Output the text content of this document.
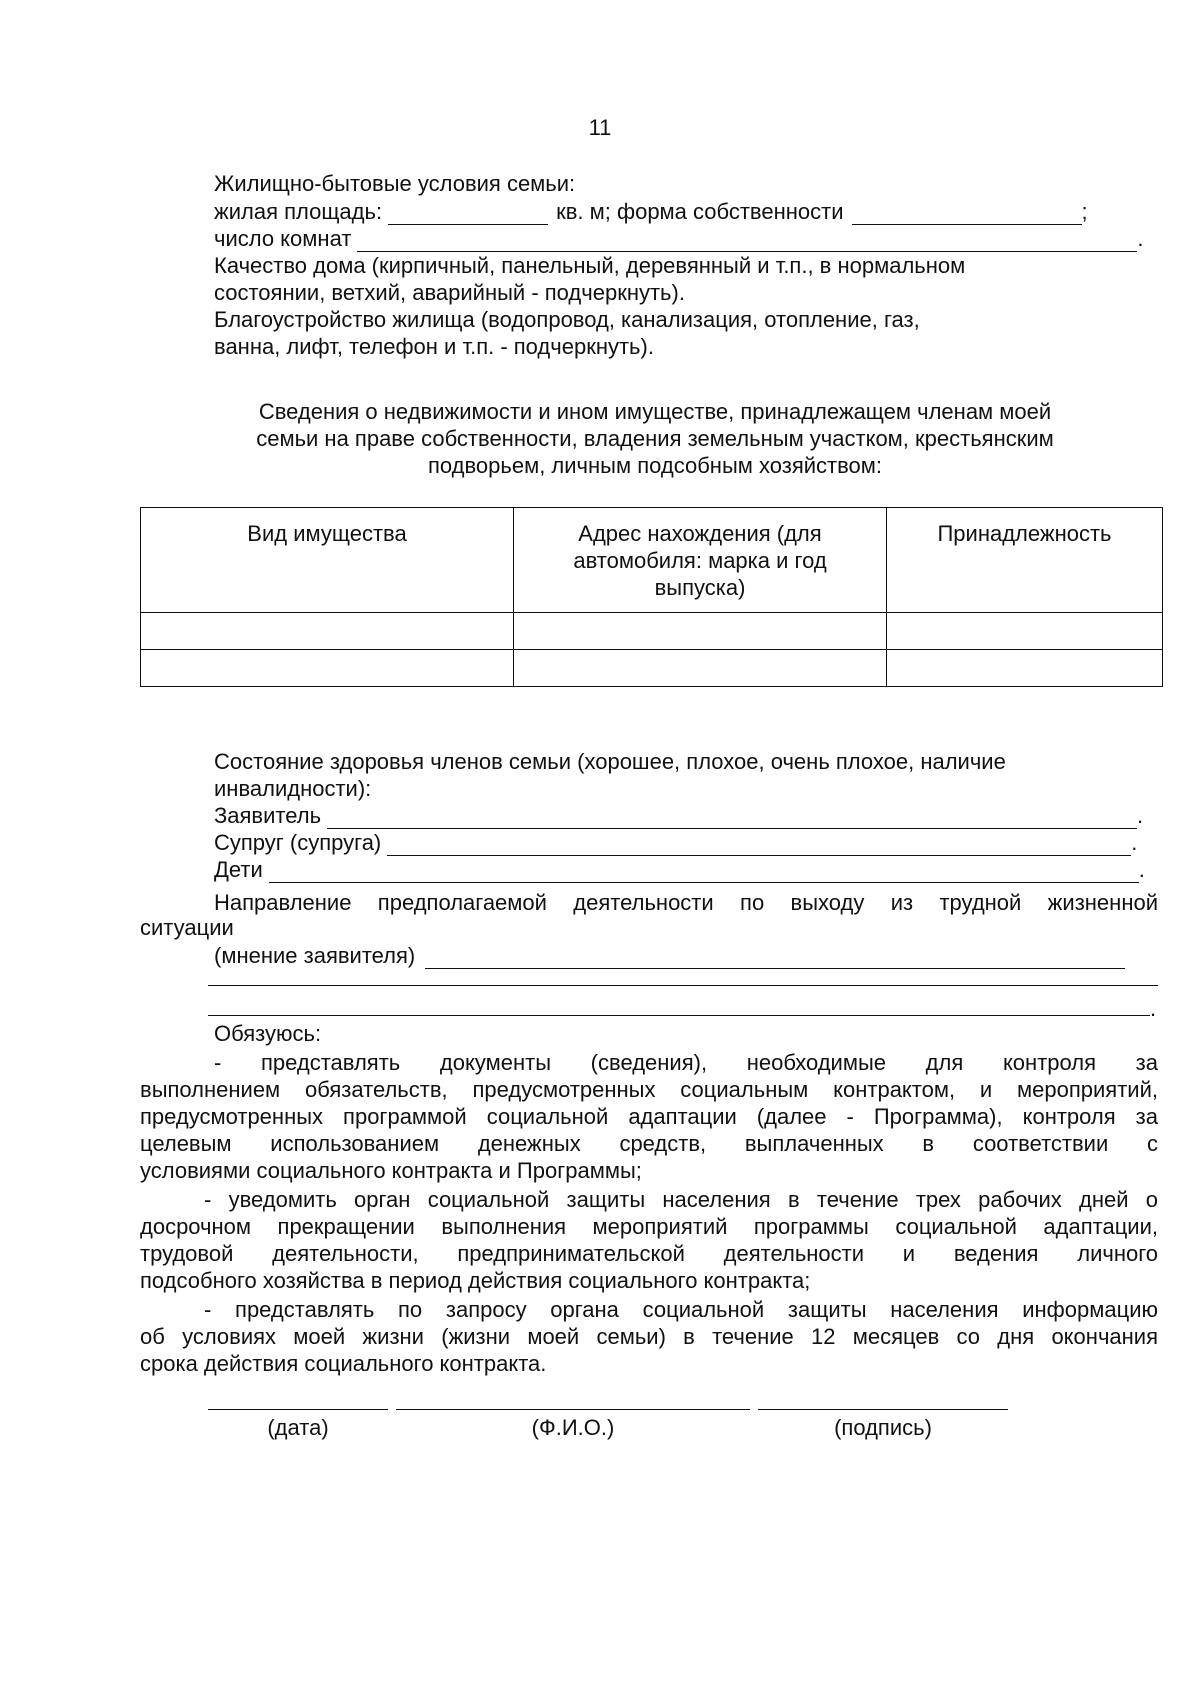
11
Жилищно-бытовые условия семьи:
жилая площадь:	кв. м; форма собственности	;
число комнат	.
Качество дома (кирпичный, панельный, деревянный и т.п., в нормальном
состоянии, ветхий, аварийный - подчеркнуть).
Благоустройство жилища (водопровод, канализация, отопление, газ,
ванна, лифт, телефон и т.п. - подчеркнуть).
Сведения о недвижимости и ином имуществе, принадлежащем членам моей
семьи на праве собственности, владения земельным участком, крестьянским
подворьем, личным подсобным хозяйством:
Вид имущества	Адрес нахождения (для автомобиля: марка и год выпуска)	Принадлежность

Состояние здоровья членов семьи (хорошее, плохое, очень плохое, наличие
инвалидности):
Заявитель	.
Супруг (супруга)	.
Дети	.
Направление предполагаемой деятельности по выходу из трудной жизненной
ситуации
(мнение заявителя)
.
Обязуюсь:
- представлять документы (сведения), необходимые для контроля за
выполнением обязательств, предусмотренных социальным контрактом, и мероприятий,
предусмотренных программой социальной адаптации (далее - Программа), контроля за
целевым использованием денежных средств, выплаченных в соответствии с
условиями социального контракта и Программы;
- уведомить орган социальной защиты населения в течение трех рабочих дней о
досрочном прекращении выполнения мероприятий программы социальной адаптации,
трудовой деятельности, предпринимательской деятельности и ведения личного
подсобного хозяйства в период действия социального контракта;
- представлять по запросу органа социальной защиты населения информацию
об условиях моей жизни (жизни моей семьи) в течение 12 месяцев со дня окончания
срока действия социального контракта.
(дата)	(Ф.И.О.)	(подпись)
